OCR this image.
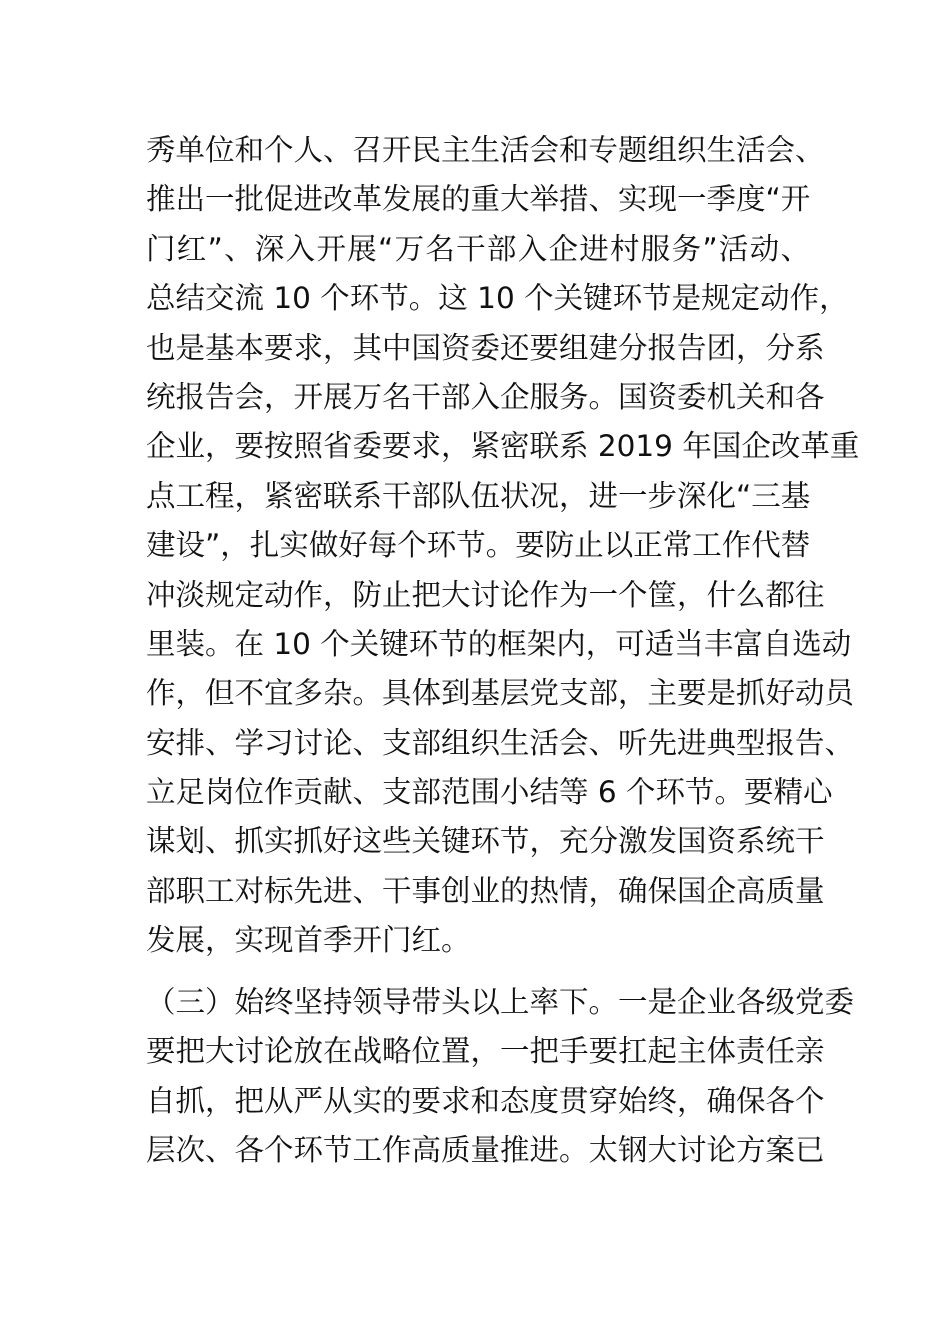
秀单位和个人、召开民主生活会和专题组织生活会、
推出一批促进改革发展的重大举措、实现一季度“开
门红”、深入开展“万名干部入企进村服务”活动、
总结交流 10 个环节。这 10 个关键环节是规定动作，
也是基本要求，其中国资委还要组建分报告团，分系
统报告会，开展万名干部入企服务。国资委机关和各
企业，要按照省委要求，紧密联系 2019 年国企改革重
点工程，紧密联系干部队伍状况，进一步深化“三基
建设”，扎实做好每个环节。要防止以正常工作代替
冲淡规定动作，防止把大讨论作为一个筐，什么都往
里装。在 10 个关键环节的框架内，可适当丰富自选动
作，但不宜多杂。具体到基层党支部，主要是抓好动员
安排、学习讨论、支部组织生活会、听先进典型报告、
立足岗位作贡献、支部范围小结等 6 个环节。要精心
谋划、抓实抓好这些关键环节，充分激发国资系统干
部职工对标先进、干事创业的热情，确保国企高质量
发展，实现首季开门红。
（三）始终坚持领导带头以上率下。一是企业各级党委
要把大讨论放在战略位置，一把手要扛起主体责任亲
自抓，把从严从实的要求和态度贯穿始终，确保各个
层次、各个环节工作高质量推进。太钢大讨论方案已
